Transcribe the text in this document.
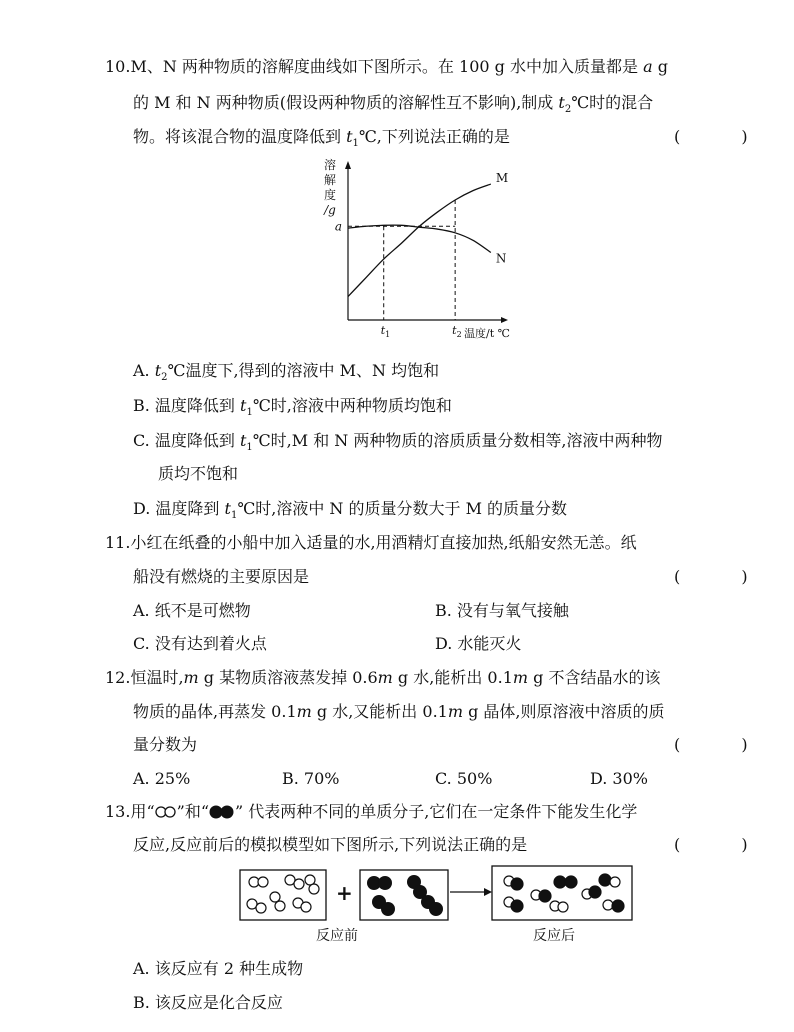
10.M、N 两种物质的溶解度曲线如下图所示。在 100 g 水中加入质量都是 a g
的 M 和 N 两种物质(假设两种物质的溶解性互不影响),制成 $t_2℃$时的混合
物。将该混合物的温度降低到 $t_1℃$,下列说法正确的是	( )
溶
解
度
/g
温度/t ℃
a
$t_1$	$t_2$
M
N
A. $t_2℃$温度下,得到的溶液中 M、N 均饱和
B. 温度降低到 $t_1℃$时,溶液中两种物质均饱和
C. 温度降低到 $t_1℃$时,M 和 N 两种物质的溶质质量分数相等,溶液中两种物
质均不饱和
D. 温度降到 $t_1℃$时,溶液中 N 的质量分数大于 M 的质量分数
11.小红在纸叠的小船中加入适量的水,用酒精灯直接加热,纸船安然无恙。纸
船没有燃烧的主要原因是	( )
A. 纸不是可燃物	B. 没有与氧气接触
C. 没有达到着火点	D. 水能灭火
12.恒温时,m g 某物质溶液蒸发掉 0.6m g 水,能析出 0.1m g 不含结晶水的该
物质的晶体,再蒸发 0.1m g 水,又能析出 0.1m g 晶体,则原溶液中溶质的质
量分数为	( )
A. 25%	B. 70%	C. 50%	D. 30%
13.用“ ”和“ ” 代表两种不同的单质分子,它们在一定条件下能发生化学
反应,反应前后的模拟模型如下图所示,下列说法正确的是	( )
+
反应前	反应后
A. 该反应有 2 种生成物
B. 该反应是化合反应
